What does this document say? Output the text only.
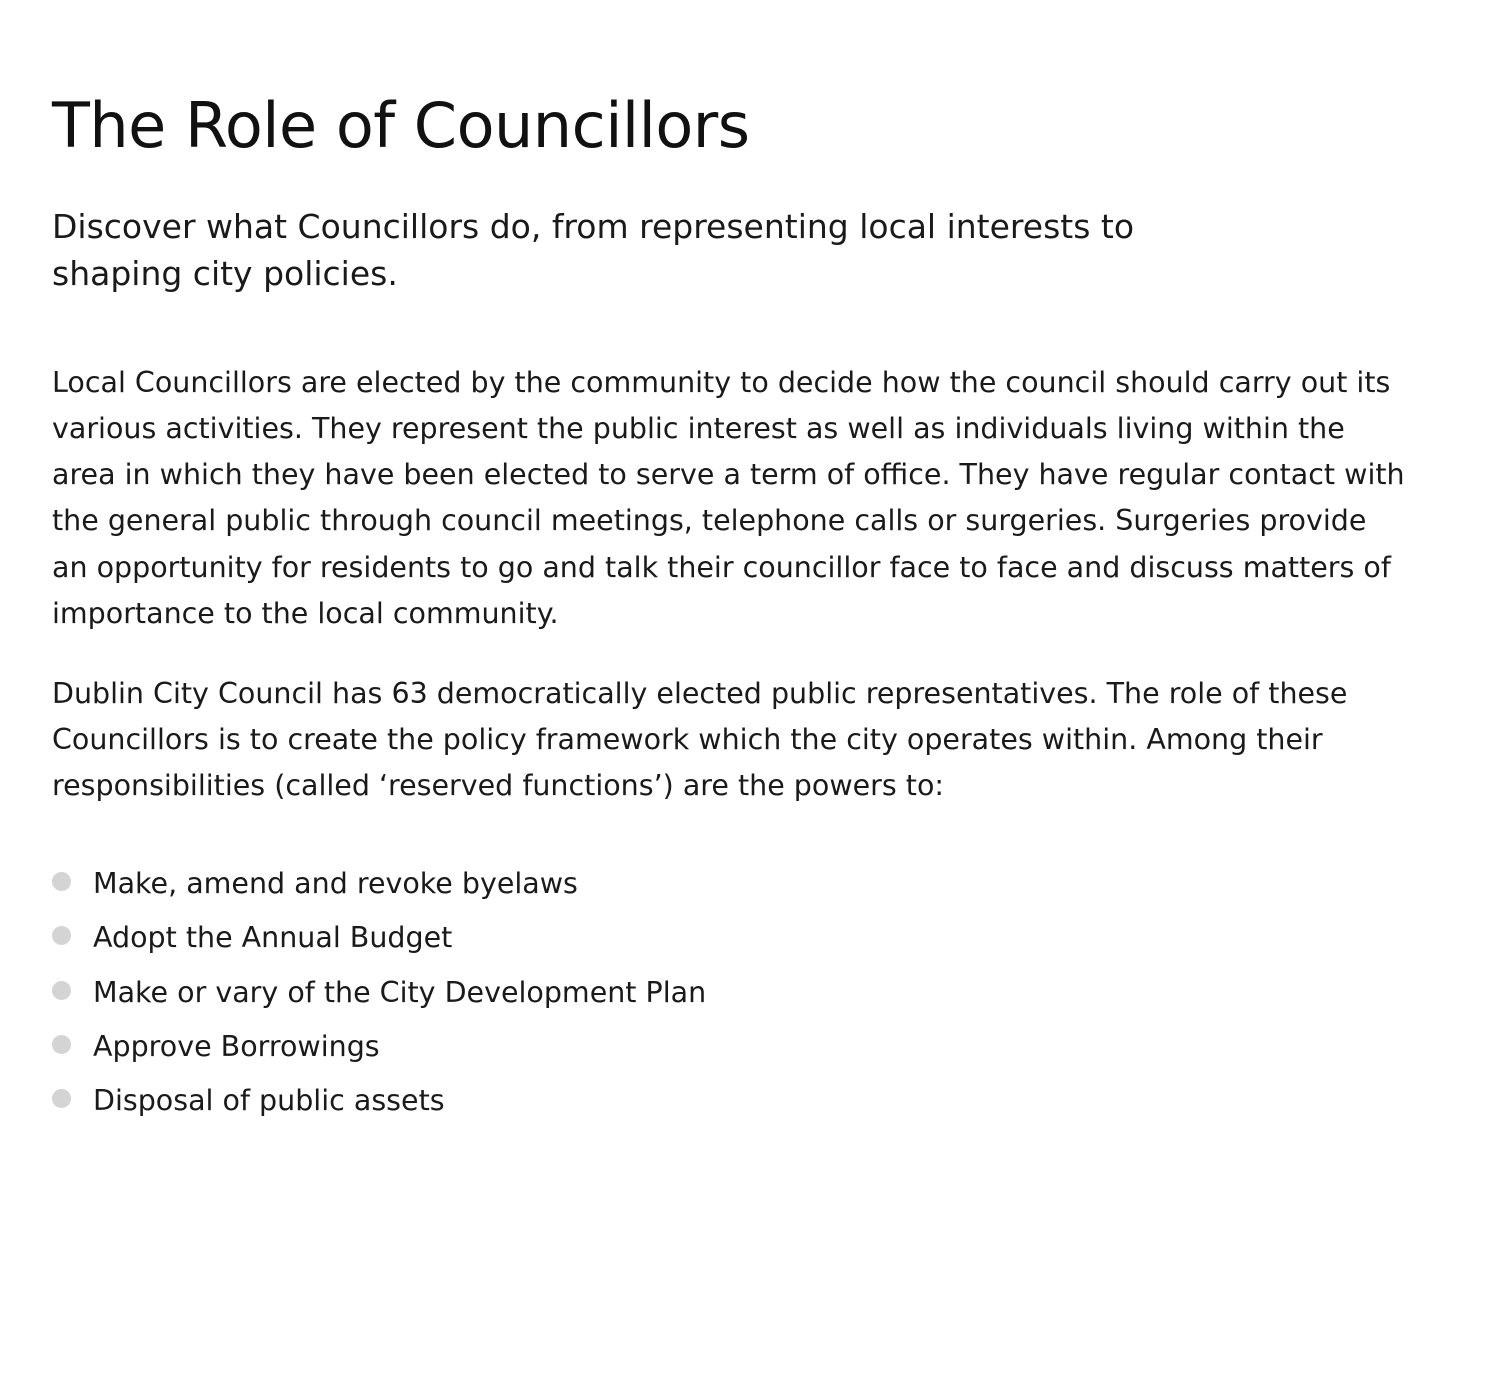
The Role of Councillors

Discover what Councillors do, from representing local interests to shaping city policies.

Local Councillors are elected by the community to decide how the council should carry out its various activities. They represent the public interest as well as individuals living within the area in which they have been elected to serve a term of office. They have regular contact with the general public through council meetings, telephone calls or surgeries. Surgeries provide an opportunity for residents to go and talk their councillor face to face and discuss matters of importance to the local community.

Dublin City Council has 63 democratically elected public representatives. The role of these Councillors is to create the policy framework which the city operates within. Among their responsibilities (called ‘reserved functions’) are the powers to:

Make, amend and revoke byelaws
Adopt the Annual Budget
Make or vary of the City Development Plan
Approve Borrowings
Disposal of public assets
